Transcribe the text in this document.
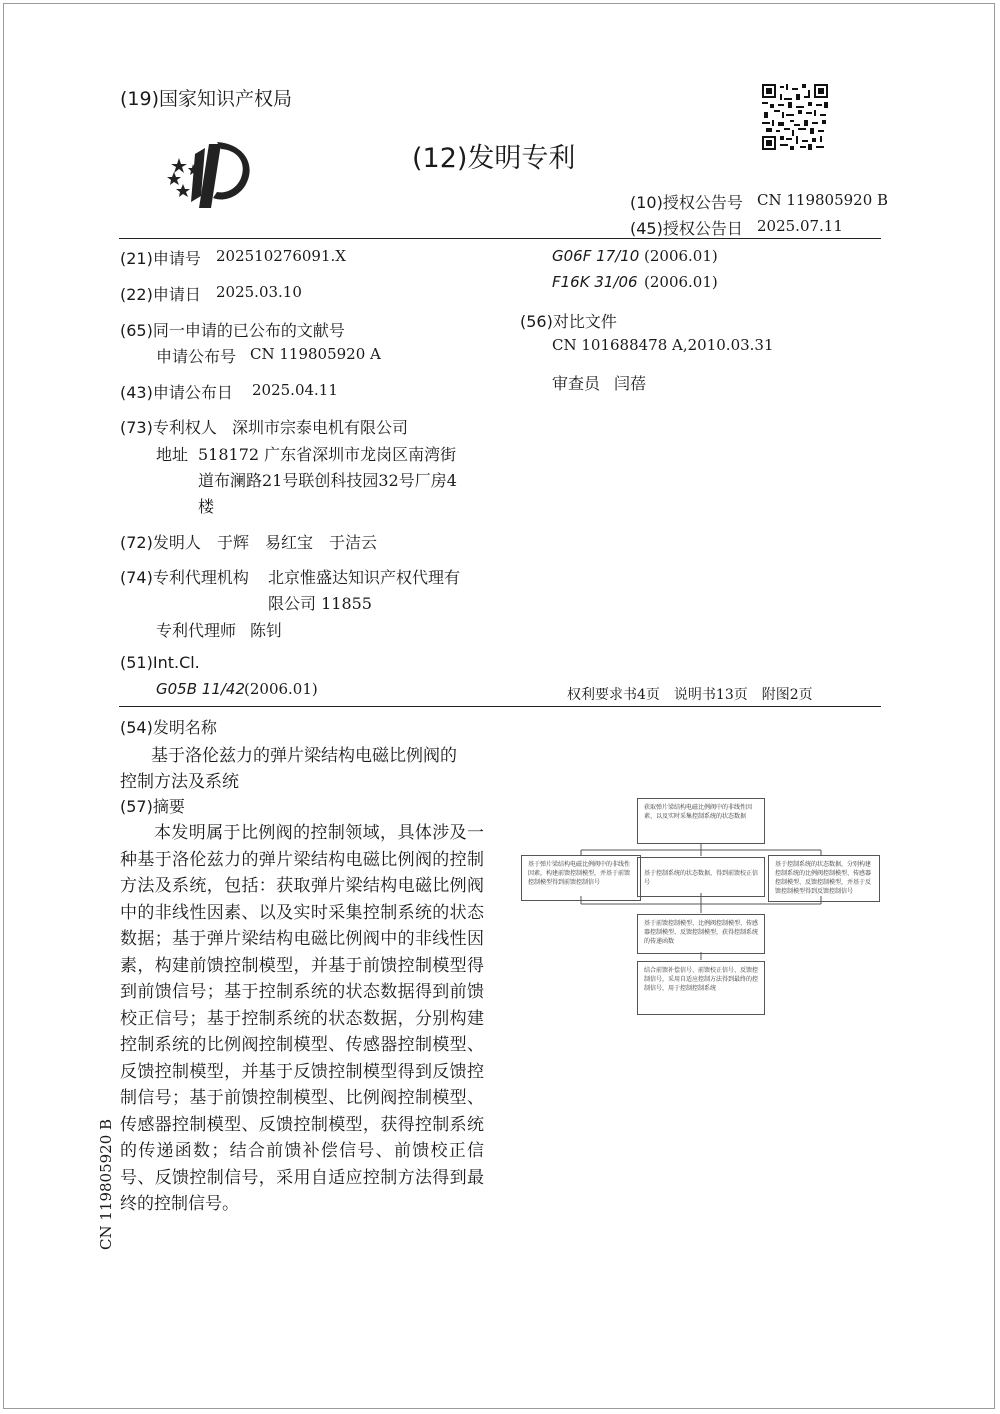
(19)国家知识产权局
(12)发明专利
(10)授权公告号 CN 119805920 B
(45)授权公告日 2025.07.11
(21)申请号 202510276091.X
(22)申请日 2025.03.10
(65)同一申请的已公布的文献号
申请公布号 CN 119805920 A
(43)申请公布日 2025.04.11
(73)专利权人 深圳市宗泰电机有限公司
地址 518172 广东省深圳市龙岗区南湾街
道布澜路21号联创科技园32号厂房4
楼
(72)发明人 于辉　易红宝　于洁云
(74)专利代理机构 北京惟盛达知识产权代理有
限公司 11855
专利代理师 陈钊
(51)Int.Cl.
G05B 11/42 (2006.01)
G06F 17/10 (2006.01)
F16K 31/06 (2006.01)
(56)对比文件
CN 101688478 A,2010.03.31
审查员 闫蓓
权利要求书4页　说明书13页　附图2页
(54)发明名称
基于洛伦兹力的弹片梁结构电磁比例阀的
控制方法及系统
(57)摘要
本发明属于比例阀的控制领域，具体涉及一种基于洛伦兹力的弹片梁结构电磁比例阀的控制方法及系统，包括：获取弹片梁结构电磁比例阀中的非线性因素、以及实时采集控制系统的状态数据；基于弹片梁结构电磁比例阀中的非线性因素，构建前馈控制模型，并基于前馈控制模型得到前馈信号；基于控制系统的状态数据得到前馈校正信号；基于控制系统的状态数据，分别构建控制系统的比例阀控制模型、传感器控制模型、反馈控制模型，并基于反馈控制模型得到反馈控制信号；基于前馈控制模型、比例阀控制模型、传感器控制模型、反馈控制模型，获得控制系统的传递函数；结合前馈补偿信号、前馈校正信号、反馈控制信号，采用自适应控制方法得到最终的控制信号。
获取弹片梁结构电磁比例阀中的非线性因素、以及实时采集控制系统的状态数据
基于弹片梁结构电磁比例阀中的非线性因素，构建前馈控制模型，并基于前馈控制模型得到前馈控制信号
基于控制系统的状态数据，得到前馈校正信号
基于控制系统的状态数据，分别构建控制系统的比例阀控制模型、传感器控制模型、反馈控制模型，并基于反馈控制模型得到反馈控制信号
基于前馈控制模型、比例阀控制模型、传感器控制模型、反馈控制模型，获得控制系统的传递函数
结合前馈补偿信号、前馈校正信号、反馈控制信号，采用自适应控制方法得到最终的控制信号，用于控制控制系统
CN 119805920 B
